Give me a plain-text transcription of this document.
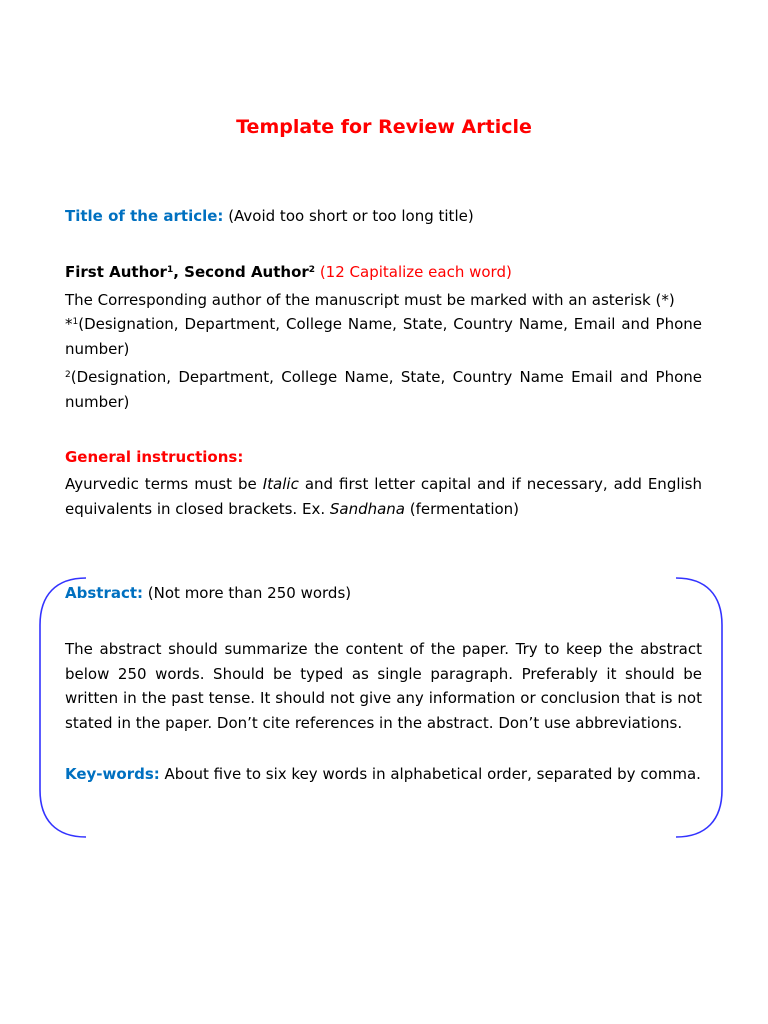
Template for Review Article

Title of the article: (Avoid too short or too long title)

First Author$^1$, Second Author$^2$ (12 Capitalize each word)

The Corresponding author of the manuscript must be marked with an asterisk (*)

*$^1$(Designation, Department, College Name, State, Country Name, Email and Phone number)

$^2$(Designation, Department, College Name, State, Country Name Email and Phone number)

General instructions:

Ayurvedic terms must be Italic and first letter capital and if necessary, add English equivalents in closed brackets. Ex. Sandhana (fermentation)

Abstract: (Not more than 250 words)

The abstract should summarize the content of the paper. Try to keep the abstract below 250 words. Should be typed as single paragraph. Preferably it should be written in the past tense. It should not give any information or conclusion that is not stated in the paper. Don’t cite references in the abstract. Don’t use abbreviations.

Key-words: About five to six key words in alphabetical order, separated by comma.
